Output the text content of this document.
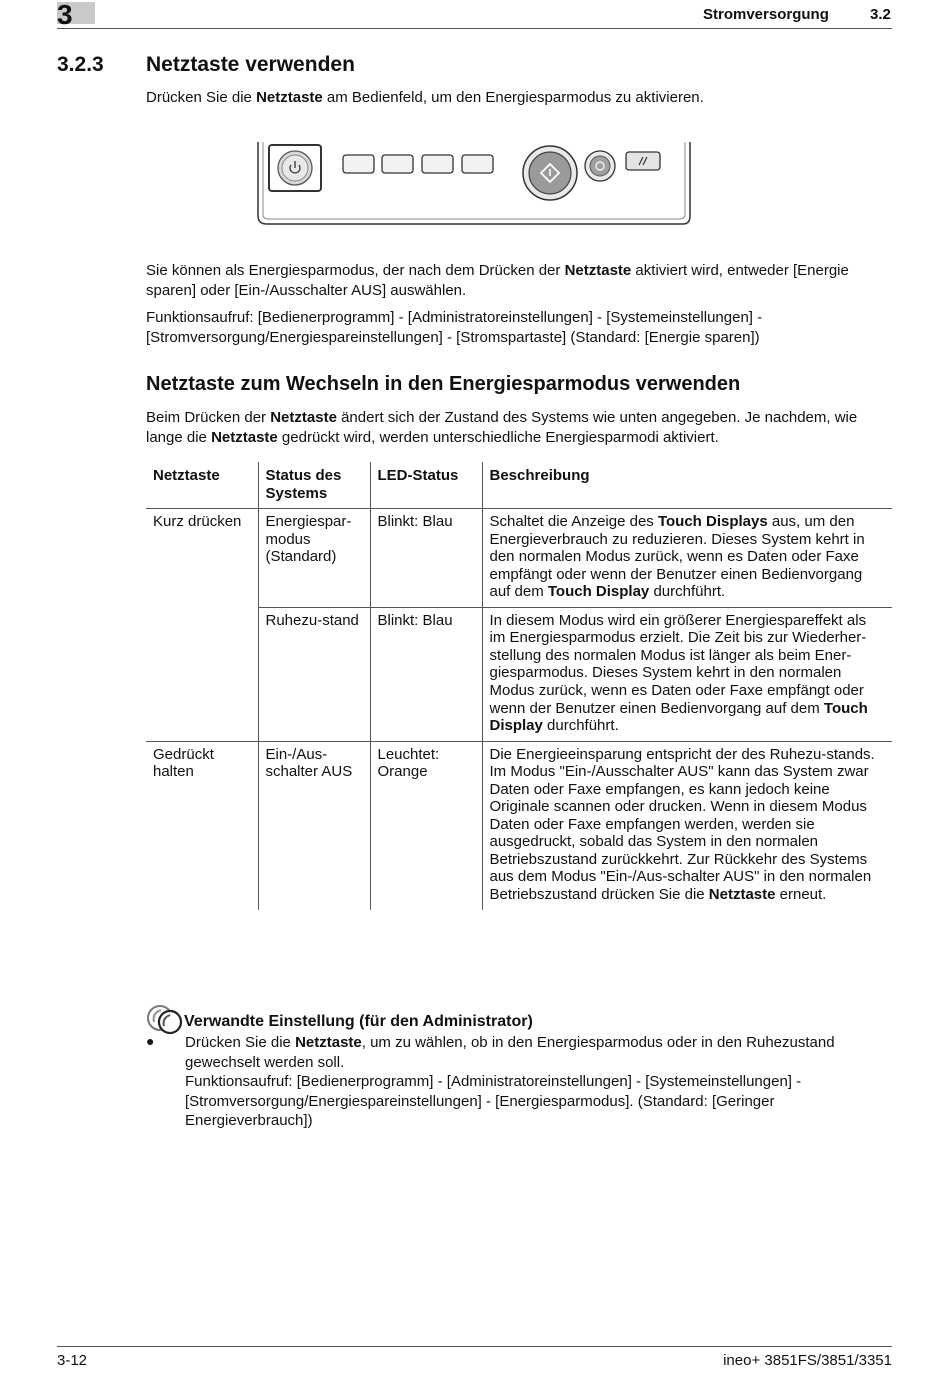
3	Stromversorgung	3.2
3.2.3 Netztaste verwenden

Drücken Sie die Netztaste am Bedienfeld, um den Energiesparmodus zu aktivieren.

Sie können als Energiesparmodus, der nach dem Drücken der Netztaste aktiviert wird, entweder [Energie sparen] oder [Ein-/Ausschalter AUS] auswählen.

Funktionsaufruf: [Bedienerprogramm] - [Administratoreinstellungen] - [Systemeinstellungen] - [Stromversorgung/Energiespareinstellungen] - [Stromspartaste] (Standard: [Energie sparen])

Netztaste zum Wechseln in den Energiesparmodus verwenden

Beim Drücken der Netztaste ändert sich der Zustand des Systems wie unten angegeben. Je nachdem, wie lange die Netztaste gedrückt wird, werden unterschiedliche Energiesparmodi aktiviert.

Netztaste	Status des Systems	LED-Status	Beschreibung
Kurz drücken	Energiespar-modus (Standard)	Blinkt: Blau	Schaltet die Anzeige des Touch Displays aus, um den Energieverbrauch zu reduzieren. Dieses System kehrt in den normalen Modus zurück, wenn es Daten oder Faxe empfängt oder wenn der Benutzer einen Bedienvorgang auf dem Touch Display durchführt.
	Ruhezu-stand	Blinkt: Blau	In diesem Modus wird ein größerer Energiespareffekt als im Energiesparmodus erzielt. Die Zeit bis zur Wiederher-stellung des normalen Modus ist länger als beim Ener-giesparmodus. Dieses System kehrt in den normalen Modus zurück, wenn es Daten oder Faxe empfängt oder wenn der Benutzer einen Bedienvorgang auf dem Touch Display durchführt.
Gedrückt halten	Ein-/Aus-schalter AUS	Leuchtet: Orange	Die Energieeinsparung entspricht der des Ruhezu-stands. Im Modus "Ein-/Ausschalter AUS" kann das System zwar Daten oder Faxe empfangen, es kann jedoch keine Originale scannen oder drucken. Wenn in diesem Modus Daten oder Faxe empfangen werden, werden sie ausgedruckt, sobald das System in den normalen Betriebszustand zurückkehrt. Zur Rückkehr des Systems aus dem Modus "Ein-/Aus-schalter AUS" in den normalen Betriebszustand drücken Sie die Netztaste erneut.
Verwandte Einstellung (für den Administrator)
● Drücken Sie die Netztaste, um zu wählen, ob in den Energiesparmodus oder in den Ruhezustand gewechselt werden soll.
Funktionsaufruf: [Bedienerprogramm] - [Administratoreinstellungen] - [Systemeinstellungen] - [Stromversorgung/Energiespareinstellungen] - [Energiesparmodus]. (Standard: [Geringer Energieverbrauch])
3-12	ineo+ 3851FS/3851/3351
